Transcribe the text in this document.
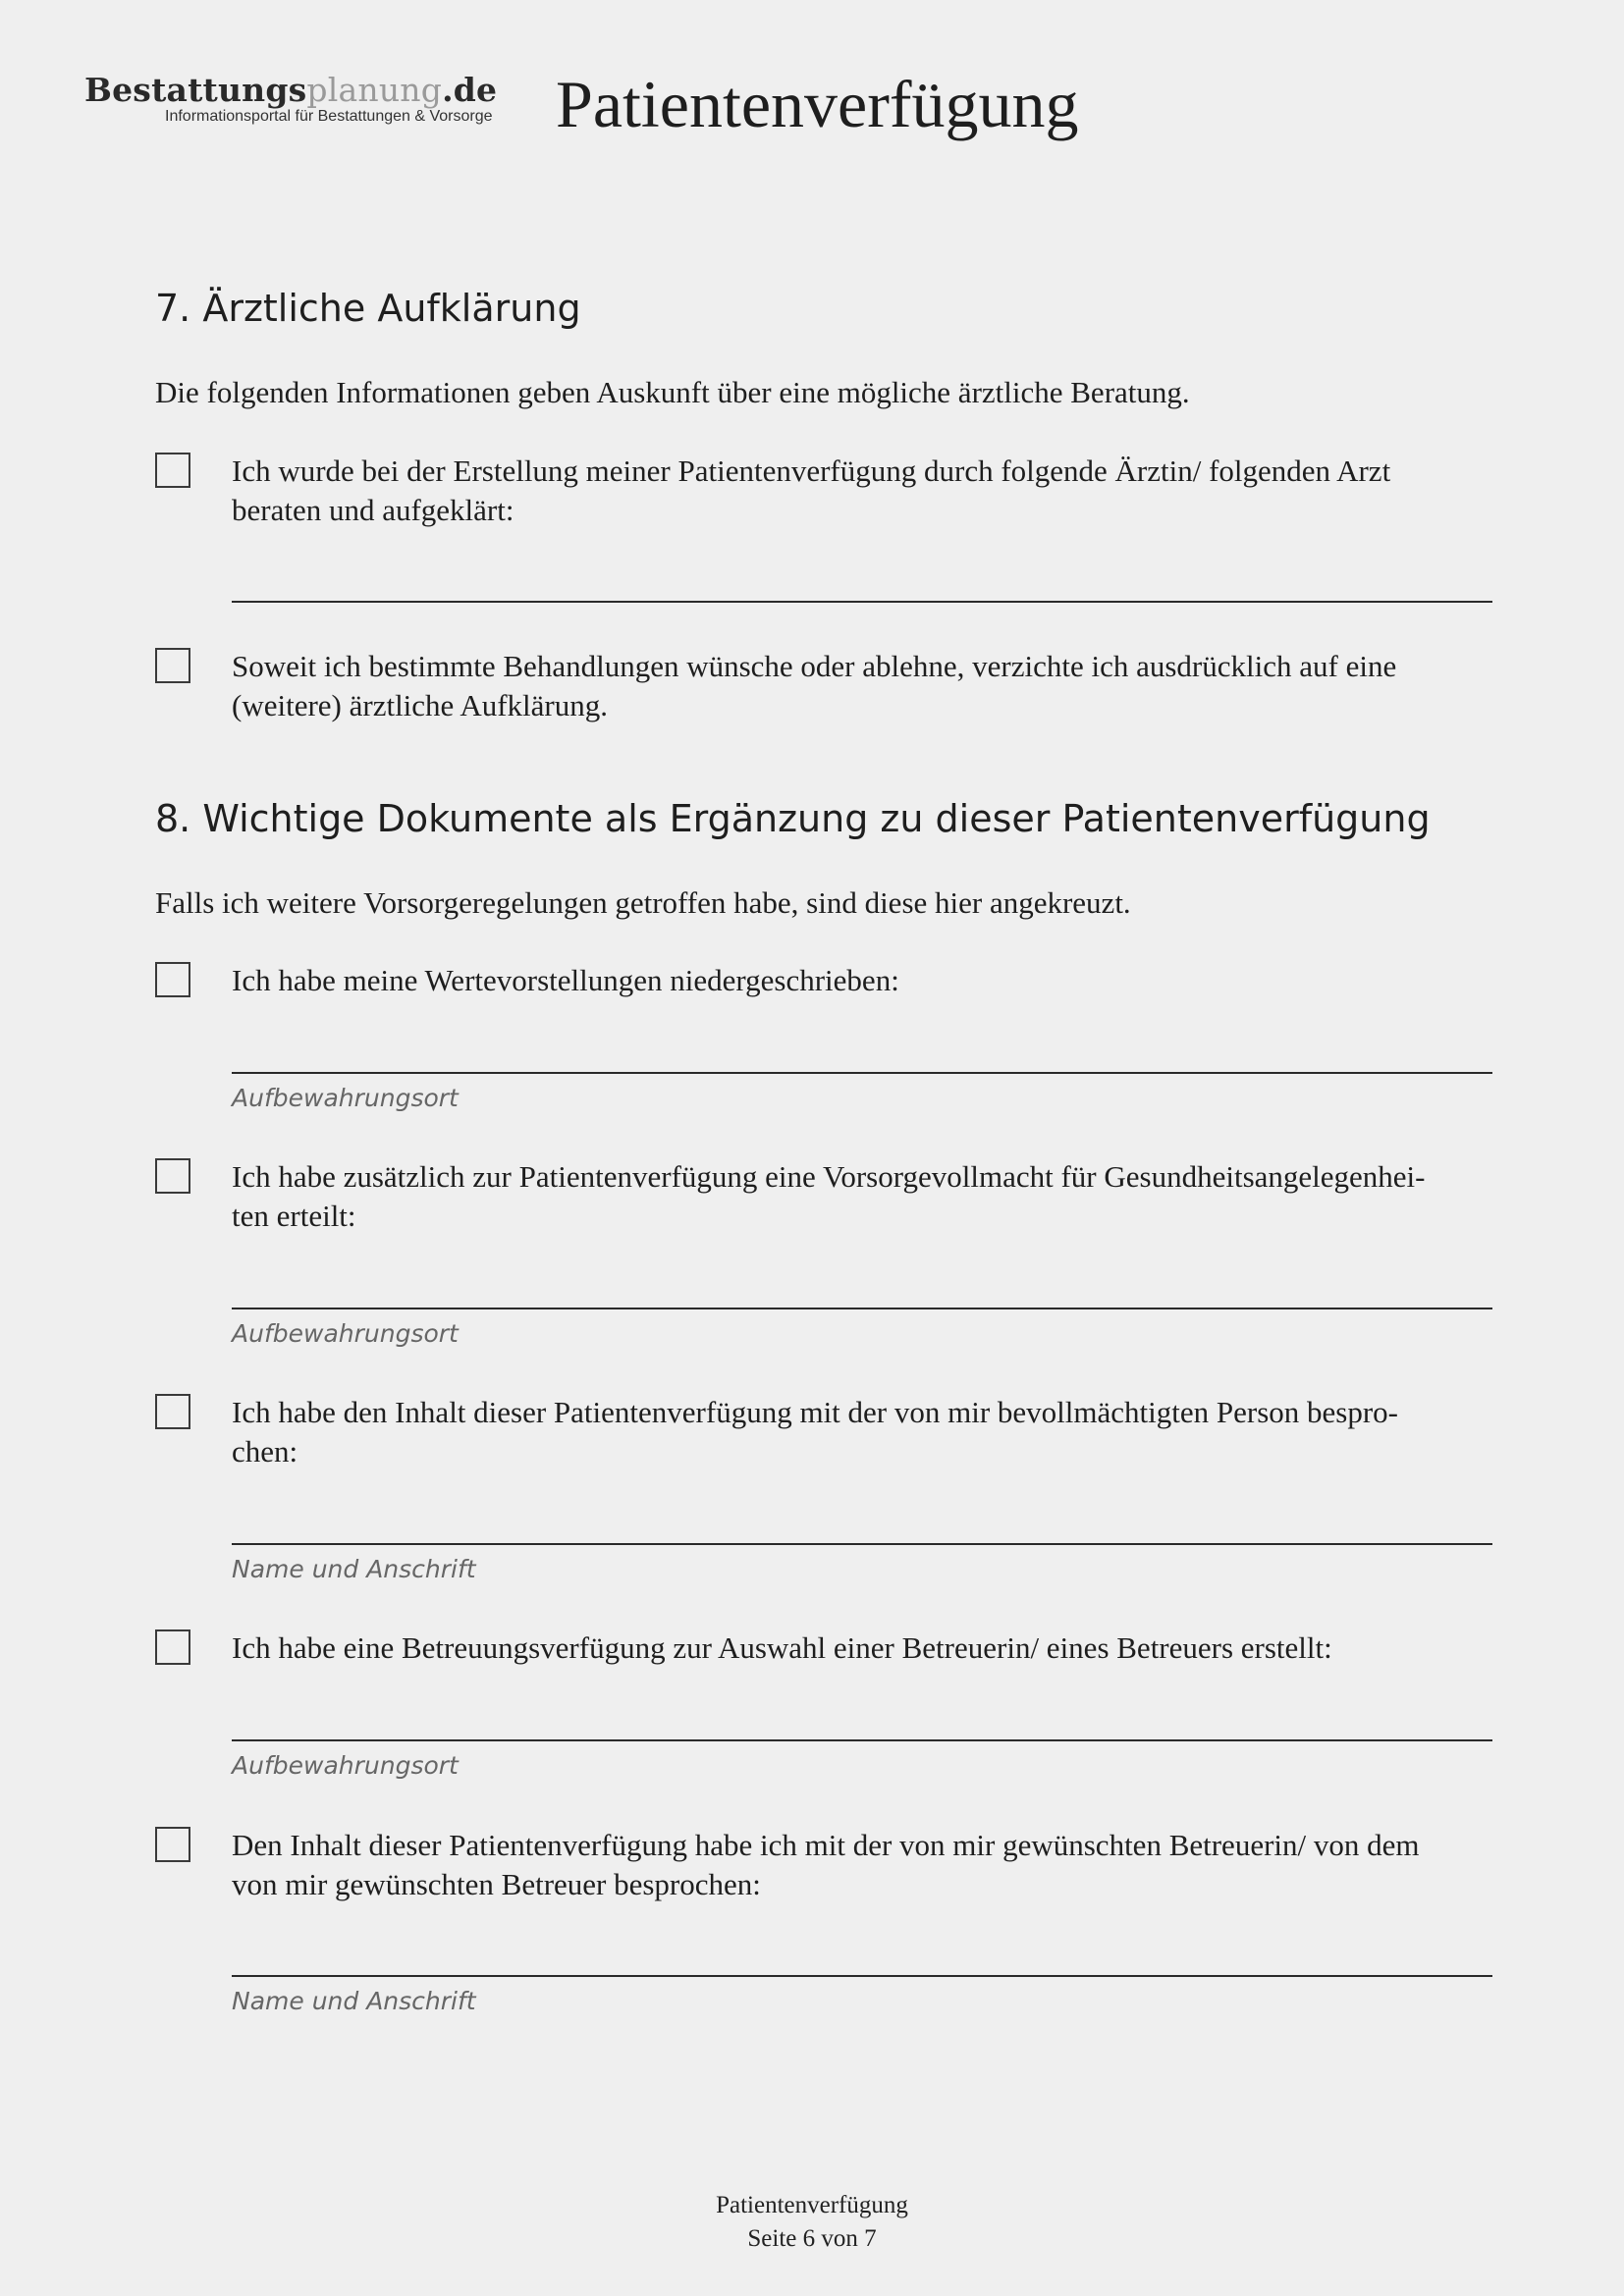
Bestattungsplanung.de
Informationsportal für Bestattungen & Vorsorge Patientenverfügung
7. Ärztliche Aufklärung
Die folgenden Informationen geben Auskunft über eine mögliche ärztliche Beratung.
Ich wurde bei der Erstellung meiner Patientenverfügung durch folgende Ärztin/ folgenden Arzt
beraten und aufgeklärt:
Soweit ich bestimmte Behandlungen wünsche oder ablehne, verzichte ich ausdrücklich auf eine
(weitere) ärztliche Aufklärung.
8. Wichtige Dokumente als Ergänzung zu dieser Patientenverfügung
Falls ich weitere Vorsorgeregelungen getroffen habe, sind diese hier angekreuzt.
Ich habe meine Wertevorstellungen niedergeschrieben:
Aufbewahrungsort
Ich habe zusätzlich zur Patientenverfügung eine Vorsorgevollmacht für Gesundheitsangelegenhei-
ten erteilt:
Aufbewahrungsort
Ich habe den Inhalt dieser Patientenverfügung mit der von mir bevollmächtigten Person bespro-
chen:
Name und Anschrift
Ich habe eine Betreuungsverfügung zur Auswahl einer Betreuerin/ eines Betreuers erstellt:
Aufbewahrungsort
Den Inhalt dieser Patientenverfügung habe ich mit der von mir gewünschten Betreuerin/ von dem
von mir gewünschten Betreuer besprochen:
Name und Anschrift
Patientenverfügung
Seite 6 von 7
